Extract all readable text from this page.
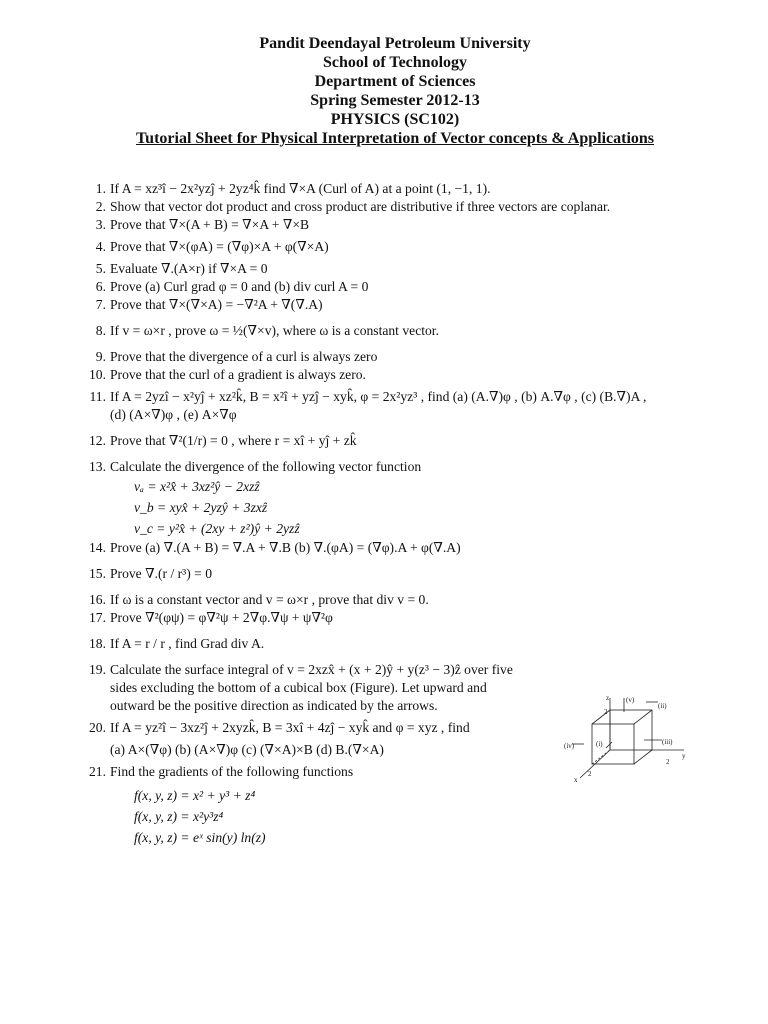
Pandit Deendayal Petroleum University

School of Technology

Department of Sciences

Spring Semester 2012-13

PHYSICS (SC102)

Tutorial Sheet for Physical Interpretation of Vector concepts & Applications

1 . If A = xz³î − 2x²yzĵ + 2yz⁴k̂ find ∇×A (Curl of A) at a point (1, −1, 1).
2 . Show that vector dot product and cross product are distributive if three vectors are coplanar.
3 . Prove that ∇×(A + B) = ∇×A + ∇×B
4 . Prove that ∇×(φA) = (∇φ)×A + φ(∇×A)
5 . Evaluate ∇.(A×r) if ∇×A = 0
6 . Prove (a) Curl grad φ = 0 and (b) div curl A = 0
7 . Prove that ∇×(∇×A) = −∇²A + ∇(∇.A)
8 . If v = ω×r , prove ω = ½(∇×v), where ω is a constant vector.
9 . Prove that the divergence of a curl is always zero
10 . Prove that the curl of a gradient is always zero.
11 . If A = 2yzî − x²yĵ + xz²k̂, B = x²î + yzĵ − xyk̂, φ = 2x²yz³ , find (a) (A.∇)φ , (b) A.∇φ , (c) (B.∇)A ,
(d) (A×∇)φ , (e) A×∇φ
12 . Prove that ∇²(1/r) = 0 , where r = xî + yĵ + zk̂
13 . Calculate the divergence of the following vector function
vₐ = x²x̂ + 3xz²ŷ − 2xzẑ
v_b = xyx̂ + 2yzŷ + 3zxẑ
v_c = y²x̂ + (2xy + z²)ŷ + 2yzẑ
14 . Prove (a) ∇.(A + B) = ∇.A + ∇.B (b) ∇.(φA) = (∇φ).A + φ(∇.A)
15 . Prove ∇.(r / r³) = 0
16 . If ω is a constant vector and v = ω×r , prove that div v = 0.
17 . Prove ∇²(φψ) = φ∇²ψ + 2∇φ.∇ψ + ψ∇²φ
18 . If A = r / r , find Grad div A.
19 . Calculate the surface integral of v = 2xzx̂ + (x + 2)ŷ + y(z³ − 3)ẑ over five
sides excluding the bottom of a cubical box (Figure). Let upward and
outward be the positive direction as indicated by the arrows.
20 . If A = yz²î − 3xz²ĵ + 2xyzk̂, B = 3xî + 4zĵ − xyk̂ and φ = xyz , find
(a) A×(∇φ) (b) (A×∇)φ (c) (∇×A)×B (d) B.(∇×A)
21 . Find the gradients of the following functions
f(x, y, z) = x² + y³ + z⁴
f(x, y, z) = x²y³z⁴
f(x, y, z) = eˣ sin(y) ln(z)
z
y
x
(v)
(ii)
(iv)	(i)	(iii)
2
2
2
